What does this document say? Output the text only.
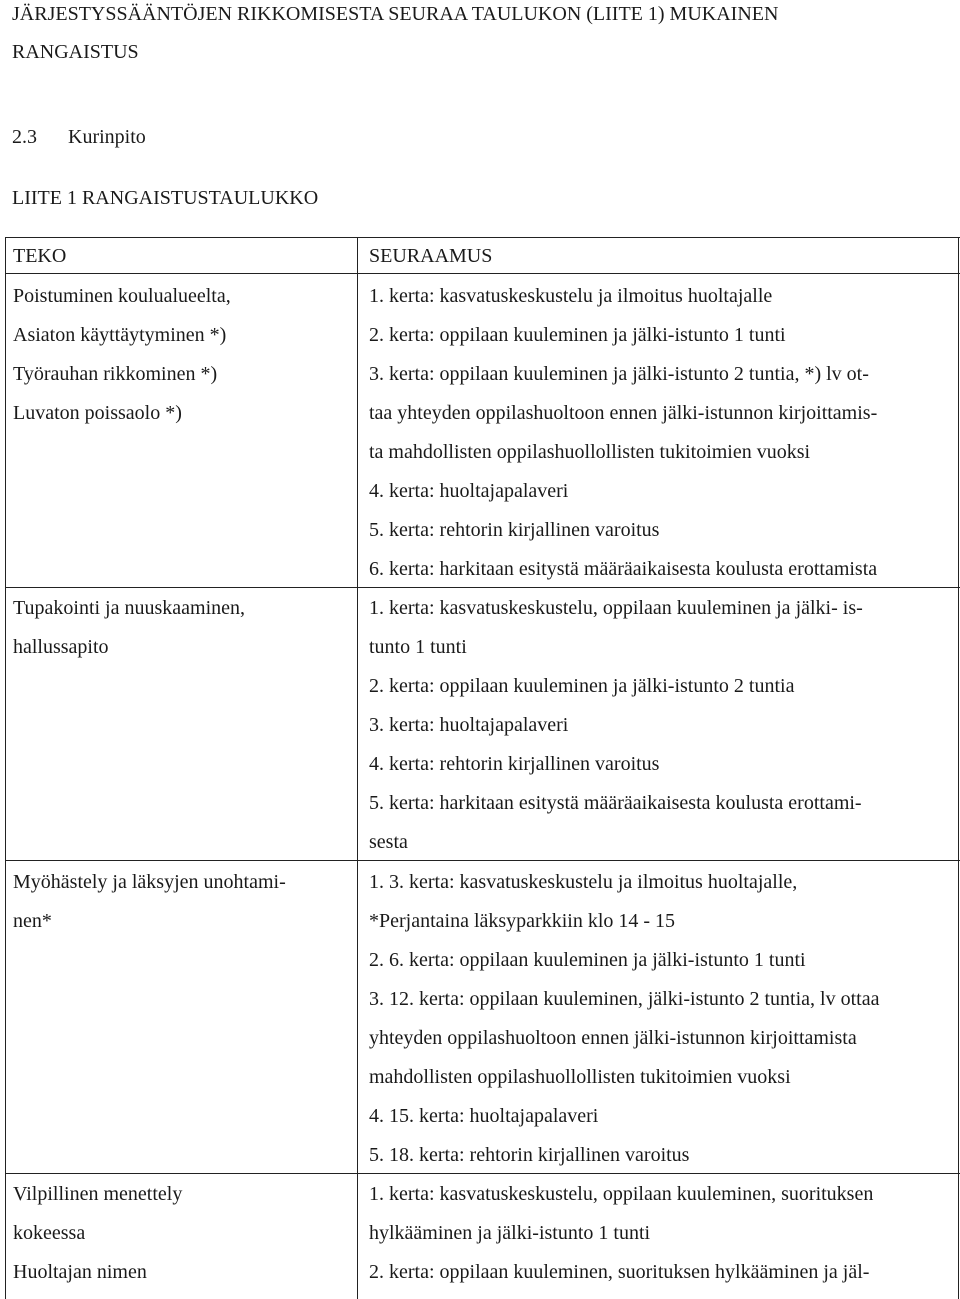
JÄRJESTYSSÄÄNTÖJEN RIKKOMISESTA SEURAA TAULUKON (LIITE 1) MUKAINEN
RANGAISTUS
2.3 Kurinpito
LIITE 1 RANGAISTUSTAULUKKO
TEKO	SEURAAMUS
Poistuminen koulualueelta,
Asiaton käyttäytyminen *)
Työrauhan rikkominen *)
Luvaton poissaolo *)
1. kerta: kasvatuskeskustelu ja ilmoitus huoltajalle
2. kerta: oppilaan kuuleminen ja jälki-istunto 1 tunti
3. kerta: oppilaan kuuleminen ja jälki-istunto 2 tuntia, *) lv ot-
taa yhteyden oppilashuoltoon ennen jälki-istunnon kirjoittamis-
ta mahdollisten oppilashuollollisten tukitoimien vuoksi
4. kerta: huoltajapalaveri
5. kerta: rehtorin kirjallinen varoitus
6. kerta: harkitaan esitystä määräaikaisesta koulusta erottamista
Tupakointi ja nuuskaaminen,
hallussapito
1. kerta: kasvatuskeskustelu, oppilaan kuuleminen ja jälki- is-
tunto 1 tunti
2. kerta: oppilaan kuuleminen ja jälki-istunto 2 tuntia
3. kerta: huoltajapalaveri
4. kerta: rehtorin kirjallinen varoitus
5. kerta: harkitaan esitystä määräaikaisesta koulusta erottami-
sesta
Myöhästely ja läksyjen unohtami-
nen*
1. 3. kerta: kasvatuskeskustelu ja ilmoitus huoltajalle,
*Perjantaina läksyparkkiin klo 14 - 15
2. 6. kerta: oppilaan kuuleminen ja jälki-istunto 1 tunti
3. 12. kerta: oppilaan kuuleminen, jälki-istunto 2 tuntia, lv ottaa
yhteyden oppilashuoltoon ennen jälki-istunnon kirjoittamista
mahdollisten oppilashuollollisten tukitoimien vuoksi
4. 15. kerta: huoltajapalaveri
5. 18. kerta: rehtorin kirjallinen varoitus
Vilpillinen menettely
kokeessa
Huoltajan nimen
1. kerta: kasvatuskeskustelu, oppilaan kuuleminen, suorituksen
hylkääminen ja jälki-istunto 1 tunti
2. kerta: oppilaan kuuleminen, suorituksen hylkääminen ja jäl-
